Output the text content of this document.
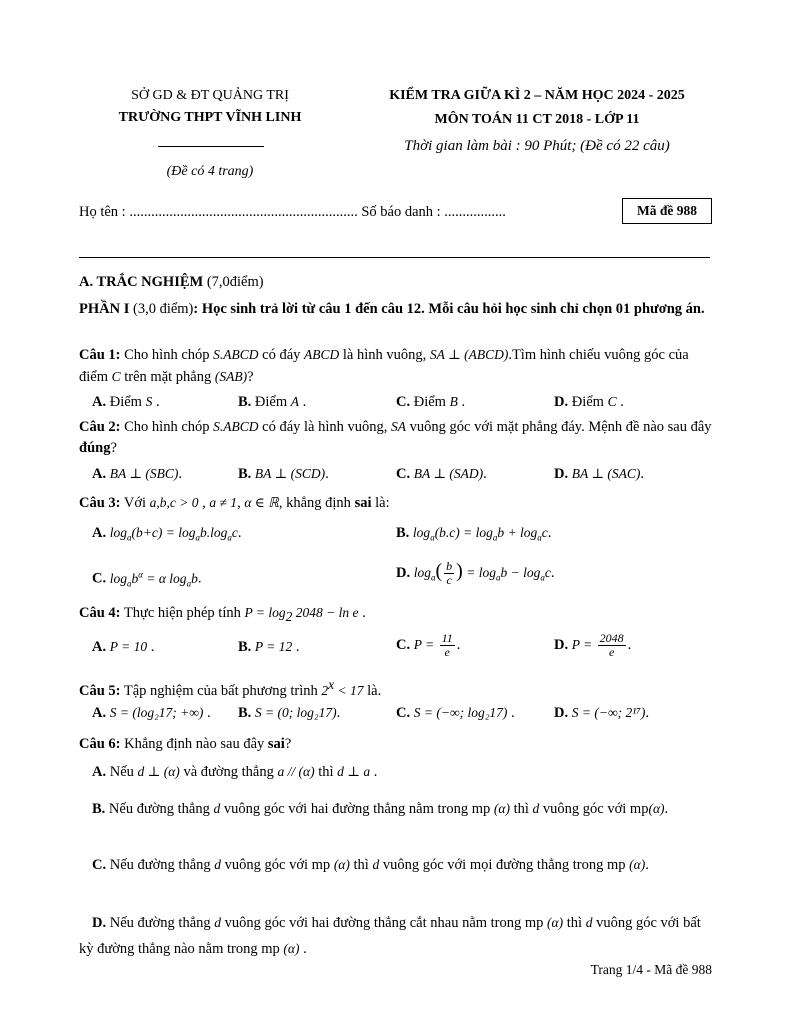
SỞ GD & ĐT QUẢNG TRỊ
TRƯỜNG THPT VĨNH LINH
(Đề có 4 trang)
KIỂM TRA GIỮA KÌ 2 – NĂM HỌC 2024 - 2025
MÔN TOÁN 11 CT 2018 - LỚP 11
Thời gian làm bài : 90 Phút; (Đề có 22 câu)
Họ tên : ............................................................... Số báo danh : .................	Mã đề 988
A. TRẮC NGHIỆM (7,0điểm)
PHẦN I (3,0 điểm): Học sinh trả lời từ câu 1 đến câu 12. Mỗi câu hỏi học sinh chỉ chọn 01 phương án.
Câu 1: Cho hình chóp S.ABCD có đáy ABCD là hình vuông, SA ⊥ (ABCD).Tìm hình chiếu vuông góc của điểm C trên mặt phẳng (SAB)?
A. Điểm S .	B. Điểm A .	C. Điểm B .	D. Điểm C .
Câu 2: Cho hình chóp S.ABCD có đáy là hình vuông, SA vuông góc với mặt phẳng đáy. Mệnh đề nào sau đây đúng?
A. BA ⊥ (SBC).	B. BA ⊥ (SCD).	C. BA ⊥ (SAD).	D. BA ⊥ (SAC).
Câu 3: Với a,b,c > 0 , a ≠ 1, α ∈ ℝ, khẳng định sai là:
A. $\log_a(b+c) = \log_ab.\log_ac$.	B. $\log_a(b.c) = \log_ab + \log_ac$.
C. $\log_ab^\alpha = \alpha$ $\log_ab$.	D. $\log_a( \frac{b}{c}$ ) = $\log_ab - \log_ac$.
Câu 4: Thực hiện phép tính $P = \log_2 2048 - \ln e$ .
A. P = 10 .	B. P = 12 .	C. $P = \frac{11}{e}$ .	D. $P = \frac{2048}{e}$ .
Câu 5: Tập nghiệm của bất phương trình $2^x < 17$ là.
A. S = (log₂17; +∞) . B. S = (0; log₂17).	C. S = (−∞; log₂17) .	D. S = (−∞; 2¹⁷).
Câu 6: Khẳng định nào sau đây sai?
A. Nếu d ⊥ (α) và đường thẳng a // (α) thì d ⊥ a .
B. Nếu đường thẳng d vuông góc với hai đường thẳng nằm trong mp (α) thì d vuông góc với mp(α).
C. Nếu đường thẳng d vuông góc với mp (α) thì d vuông góc với mọi đường thẳng trong mp (α).
D. Nếu đường thẳng d vuông góc với hai đường thẳng cắt nhau nằm trong mp (α) thì d vuông góc với bất kỳ đường thẳng nào nằm trong mp (α) .
Trang 1/4 - Mã đề 988
